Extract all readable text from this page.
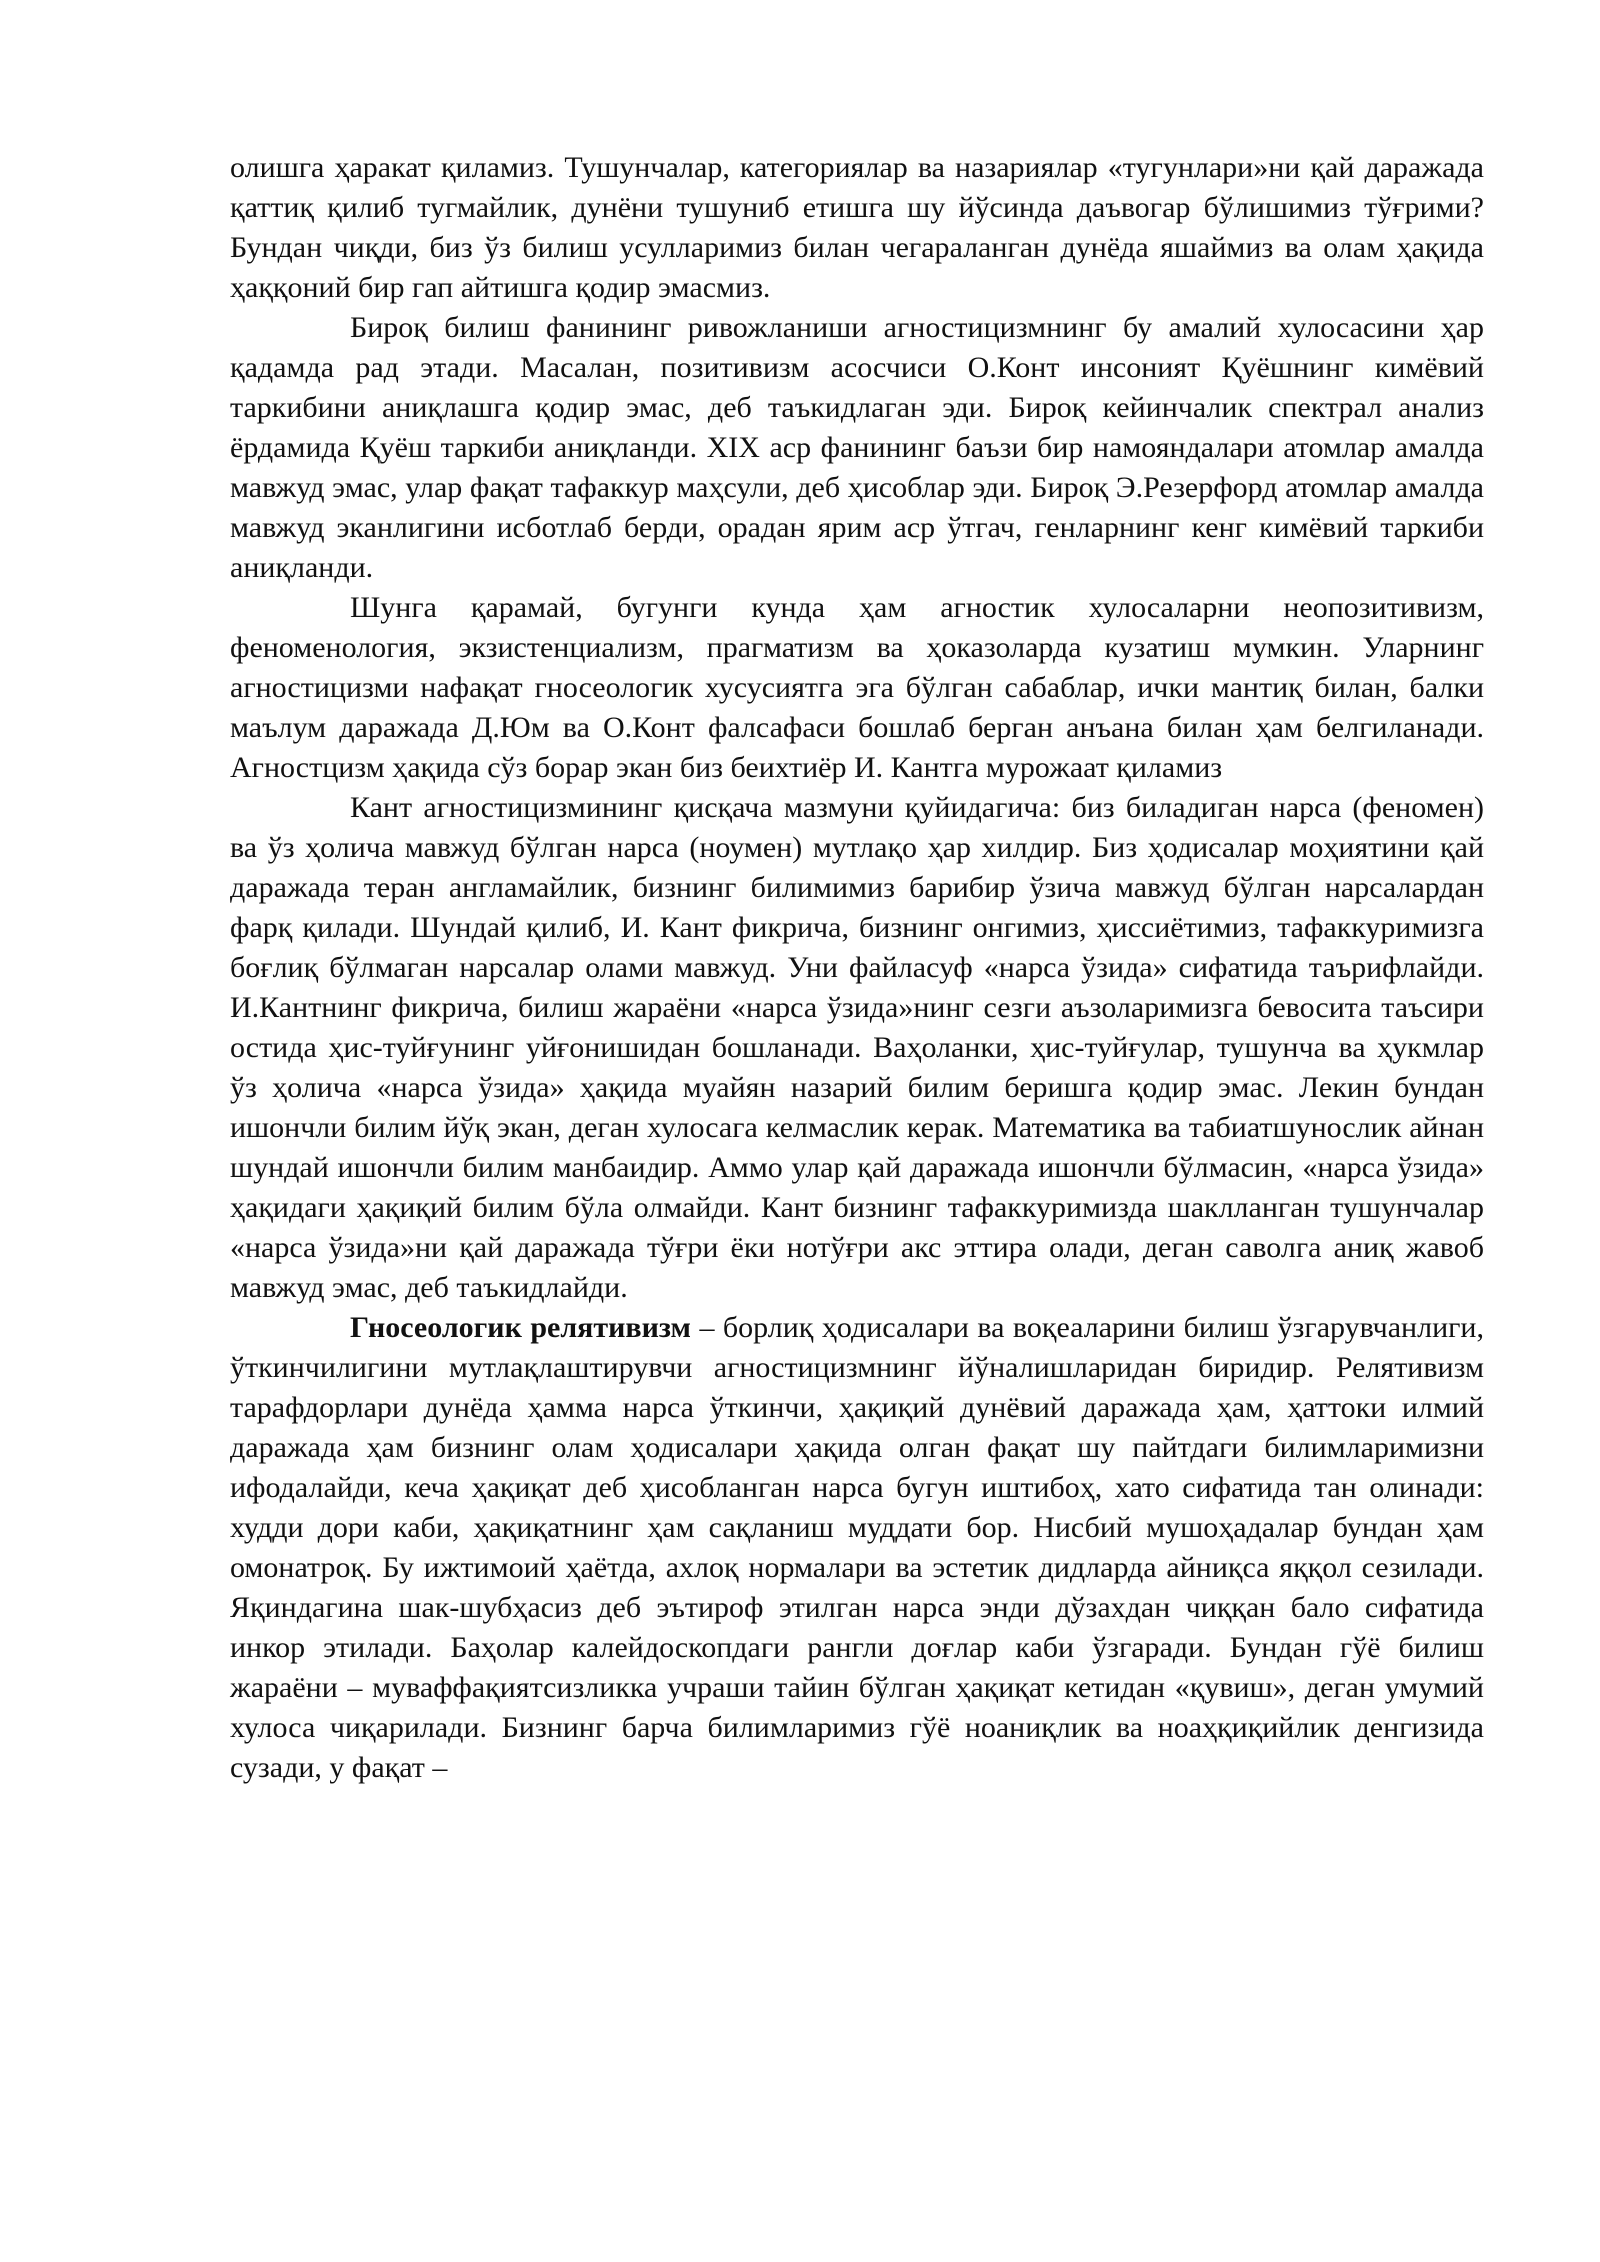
олишга ҳаракат қиламиз. Тушунчалар, категориялар ва назариялар «тугунлари»ни қай даражада қаттиқ қилиб тугмайлик, дунёни тушуниб етишга шу йўсинда даъвогар бўлишимиз тўғрими? Бундан чиқди, биз ўз билиш усулларимиз билан чегараланган дунёда яшаймиз ва олам ҳақида ҳаққоний бир гап айтишга қодир эмасмиз.

Бироқ билиш фанининг ривожланиши агностицизмнинг бу амалий хулосасини ҳар қадамда рад этади. Масалан, позитивизм асосчиси О.Конт инсоният Қуёшнинг кимёвий таркибини аниқлашга қодир эмас, деб таъкидлаган эди. Бироқ кейинчалик спектрал анализ ёрдамида Қуёш таркиби аниқланди. XIX аср фанининг баъзи бир намояндалари атомлар амалда мавжуд эмас, улар фақат тафаккур маҳсули, деб ҳисоблар эди. Бироқ Э.Резерфорд атомлар амалда мавжуд эканлигини исботлаб берди, орадан ярим аср ўтгач, генларнинг кенг кимёвий таркиби аниқланди.

Шунга қарамай, бугунги кунда ҳам агностик хулосаларни неопозитивизм, феноменология, экзистенциализм, прагматизм ва ҳоказоларда кузатиш мумкин. Уларнинг агностицизми нафақат гносеологик хусусиятга эга бўлган сабаблар, ички мантиқ билан, балки маълум даражада Д.Юм ва О.Конт фалсафаси бошлаб берган анъана билан ҳам белгиланади. Агностцизм ҳақида сўз борар экан биз беихтиёр И. Кантга мурожаат қиламиз

Кант агностицизмининг қисқача мазмуни қуйидагича: биз биладиган нарса (феномен) ва ўз ҳолича мавжуд бўлган нарса (ноумен) мутлақо ҳар хилдир. Биз ҳодисалар моҳиятини қай даражада теран англамайлик, бизнинг билимимиз барибир ўзича мавжуд бўлган нарсалардан фарқ қилади. Шундай қилиб, И. Кант фикрича, бизнинг онгимиз, ҳиссиётимиз, тафаккуримизга боғлиқ бўлмаган нарсалар олами мавжуд. Уни файласуф «нарса ўзида» сифатида таърифлайди. И.Кантнинг фикрича, билиш жараёни «нарса ўзида»нинг сезги аъзоларимизга бевосита таъсири остида ҳис-туйғунинг уйғонишидан бошланади. Ваҳоланки, ҳис-туйғулар, тушунча ва ҳукмлар ўз ҳолича «нарса ўзида» ҳақида муайян назарий билим беришга қодир эмас. Лекин бундан ишончли билим йўқ экан, деган хулосага келмаслик керак. Математика ва табиатшунослик айнан шундай ишончли билим манбаидир. Аммо улар қай даражада ишончли бўлмасин, «нарса ўзида» ҳақидаги ҳақиқий билим бўла олмайди. Кант бизнинг тафаккуримизда шаклланган тушунчалар «нарса ўзида»ни қай даражада тўғри ёки нотўғри акс эттира олади, деган саволга аниқ жавоб мавжуд эмас, деб таъкидлайди.

Гносеологик релятивизм – борлиқ ҳодисалари ва воқеаларини билиш ўзгарувчанлиги, ўткинчилигини мутлақлаштирувчи агностицизмнинг йўналишларидан биридир. Релятивизм тарафдорлари дунёда ҳамма нарса ўткинчи, ҳақиқий дунёвий даражада ҳам, ҳаттоки илмий даражада ҳам бизнинг олам ҳодисалари ҳақида олган фақат шу пайтдаги билимларимизни ифодалайди, кеча ҳақиқат деб ҳисобланган нарса бугун иштибоҳ, хато сифатида тан олинади: худди дори каби, ҳақиқатнинг ҳам сақланиш муддати бор. Нисбий мушоҳадалар бундан ҳам омонатроқ. Бу ижтимоий ҳаётда, ахлоқ нормалари ва эстетик дидларда айниқса яққол сезилади. Яқиндагина шак-шубҳасиз деб эътироф этилган нарса энди дўзахдан чиққан бало сифатида инкор этилади. Баҳолар калейдоскопдаги рангли доғлар каби ўзгаради. Бундан гўё билиш жараёни – муваффақиятсизликка учраши тайин бўлган ҳақиқат кетидан «қувиш», деган умумий хулоса чиқарилади. Бизнинг барча билимларимиз гўё ноаниқлик ва ноаҳқиқийлик денгизида сузади, у фақат –
